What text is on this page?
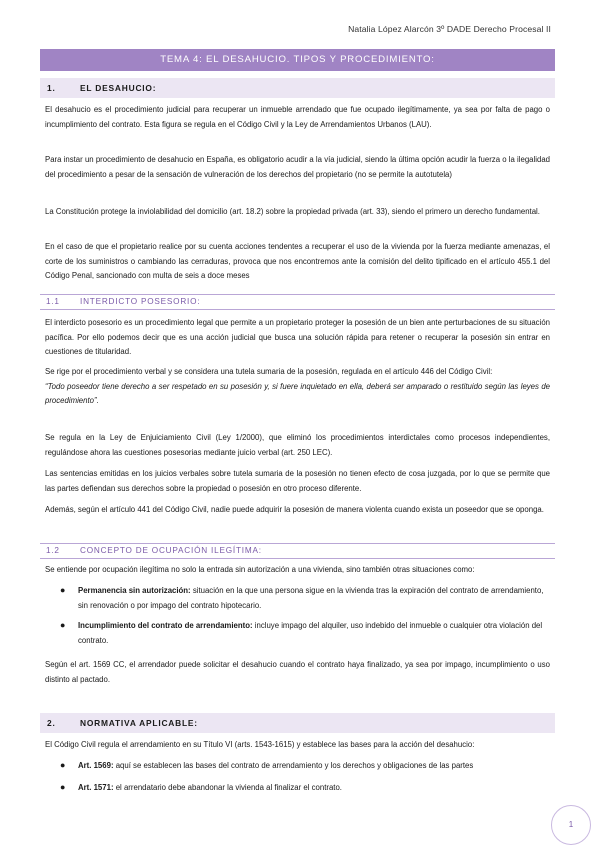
Natalia López Alarcón 3º DADE Derecho Procesal II
TEMA 4: EL DESAHUCIO. TIPOS Y PROCEDIMIENTO:
1.	EL DESAHUCIO:
El desahucio es el procedimiento judicial para recuperar un inmueble arrendado que fue ocupado ilegítimamente, ya sea por falta de pago o incumplimiento del contrato. Esta figura se regula en el Código Civil y la Ley de Arrendamientos Urbanos (LAU).
Para instar un procedimiento de desahucio en España, es obligatorio acudir a la vía judicial, siendo la última opción acudir la fuerza o la ilegalidad del procedimiento a pesar de la sensación de vulneración de los derechos del propietario (no se permite la autotutela)
La Constitución protege la inviolabilidad del domicilio (art. 18.2) sobre la propiedad privada (art. 33), siendo el primero un derecho fundamental.
En el caso de que el propietario realice por su cuenta acciones tendentes a recuperar el uso de la vivienda por la fuerza mediante amenazas, el corte de los suministros o cambiando las cerraduras, provoca que nos encontremos ante la comisión del delito tipificado en el artículo 455.1 del Código Penal, sancionado con multa de seis a doce meses
1.1 INTERDICTO POSESORIO:
El interdicto posesorio es un procedimiento legal que permite a un propietario proteger la posesión de un bien ante perturbaciones de su situación pacífica. Por ello podemos decir que es una acción judicial que busca una solución rápida para retener o recuperar la posesión sin entrar en cuestiones de titularidad.
Se rige por el procedimiento verbal y se considera una tutela sumaria de la posesión, regulada en el artículo 446 del Código Civil:
“Todo poseedor tiene derecho a ser respetado en su posesión y, si fuere inquietado en ella, deberá ser amparado o restituido según las leyes de procedimiento”.
Se regula en la Ley de Enjuiciamiento Civil (Ley 1/2000), que eliminó los procedimientos interdictales como procesos independientes, regulándose ahora las cuestiones posesorias mediante juicio verbal (art. 250 LEC).
Las sentencias emitidas en los juicios verbales sobre tutela sumaria de la posesión no tienen efecto de cosa juzgada, por lo que se permite que las partes defiendan sus derechos sobre la propiedad o posesión en otro proceso diferente.
Además, según el artículo 441 del Código Civil, nadie puede adquirir la posesión de manera violenta cuando exista un poseedor que se oponga.
1.2 CONCEPTO DE OCUPACIÓN ILEGÍTIMA:
Se entiende por ocupación ilegítima no solo la entrada sin autorización a una vivienda, sino también otras situaciones como:
● Permanencia sin autorización: situación en la que una persona sigue en la vivienda tras la expiración del contrato de arrendamiento, sin renovación o por impago del contrato hipotecario.
● Incumplimiento del contrato de arrendamiento: incluye impago del alquiler, uso indebido del inmueble o cualquier otra violación del contrato.
Según el art. 1569 CC, el arrendador puede solicitar el desahucio cuando el contrato haya finalizado, ya sea por impago, incumplimiento o uso distinto al pactado.
2.	NORMATIVA APLICABLE:
El Código Civil regula el arrendamiento en su Título VI (arts. 1543-1615) y establece las bases para la acción del desahucio:
● Art. 1569: aquí se establecen las bases del contrato de arrendamiento y los derechos y obligaciones de las partes
● Art. 1571: el arrendatario debe abandonar la vivienda al finalizar el contrato.
1
